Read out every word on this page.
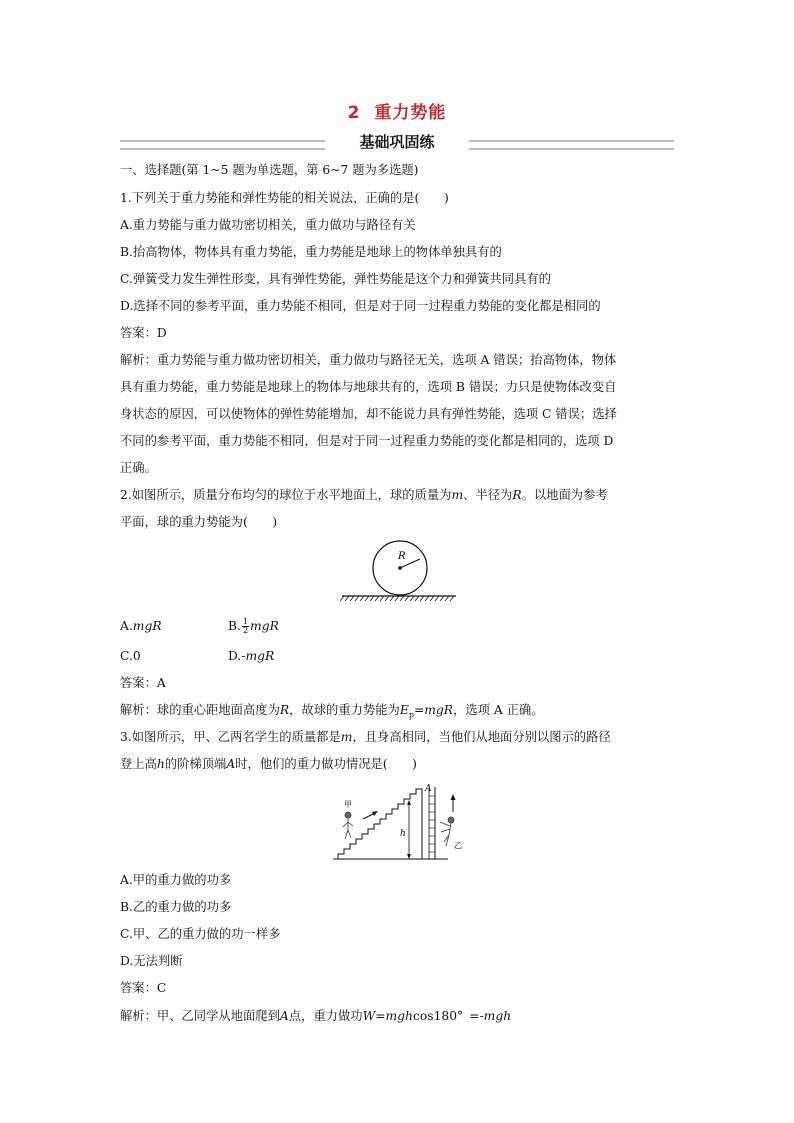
2 重力势能
基础巩固练
一、选择题(第 1~5 题为单选题，第 6~7 题为多选题)
1.下列关于重力势能和弹性势能的相关说法，正确的是(　　)
A.重力势能与重力做功密切相关，重力做功与路径有关
B.抬高物体，物体具有重力势能，重力势能是地球上的物体单独具有的
C.弹簧受力发生弹性形变，具有弹性势能，弹性势能是这个力和弹簧共同具有的
D.选择不同的参考平面，重力势能不相同，但是对于同一过程重力势能的变化都是相同的
答案：D
解析：重力势能与重力做功密切相关，重力做功与路径无关，选项 A 错误；抬高物体，物体
具有重力势能，重力势能是地球上的物体与地球共有的，选项 B 错误；力只是使物体改变自
身状态的原因，可以使物体的弹性势能增加，却不能说力具有弹性势能，选项 C 错误；选择
不同的参考平面，重力势能不相同，但是对于同一过程重力势能的变化都是相同的，选项 D
正确。
2.如图所示，质量分布均匀的球位于水平地面上，球的质量为m、半径为R。以地面为参考
平面，球的重力势能为(　　)
R
A.mgR	B. $\frac{1}{2}$ mgR
C.0	D.-mgR
答案：A
解析：球的重心距地面高度为R，故球的重力势能为$E_p=mgR$，选项 A 正确。
3.如图所示，甲、乙两名学生的质量都是m，且身高相同，当他们从地面分别以图示的路径
登上高h的阶梯顶端A时，他们的重力做功情况是(　　)
h
A
甲
乙
A.甲的重力做的功多
B.乙的重力做的功多
C.甲、乙的重力做的功一样多
D.无法判断
答案：C
解析：甲、乙同学从地面爬到A点，重力做功W=mghcos180° =-mgh
